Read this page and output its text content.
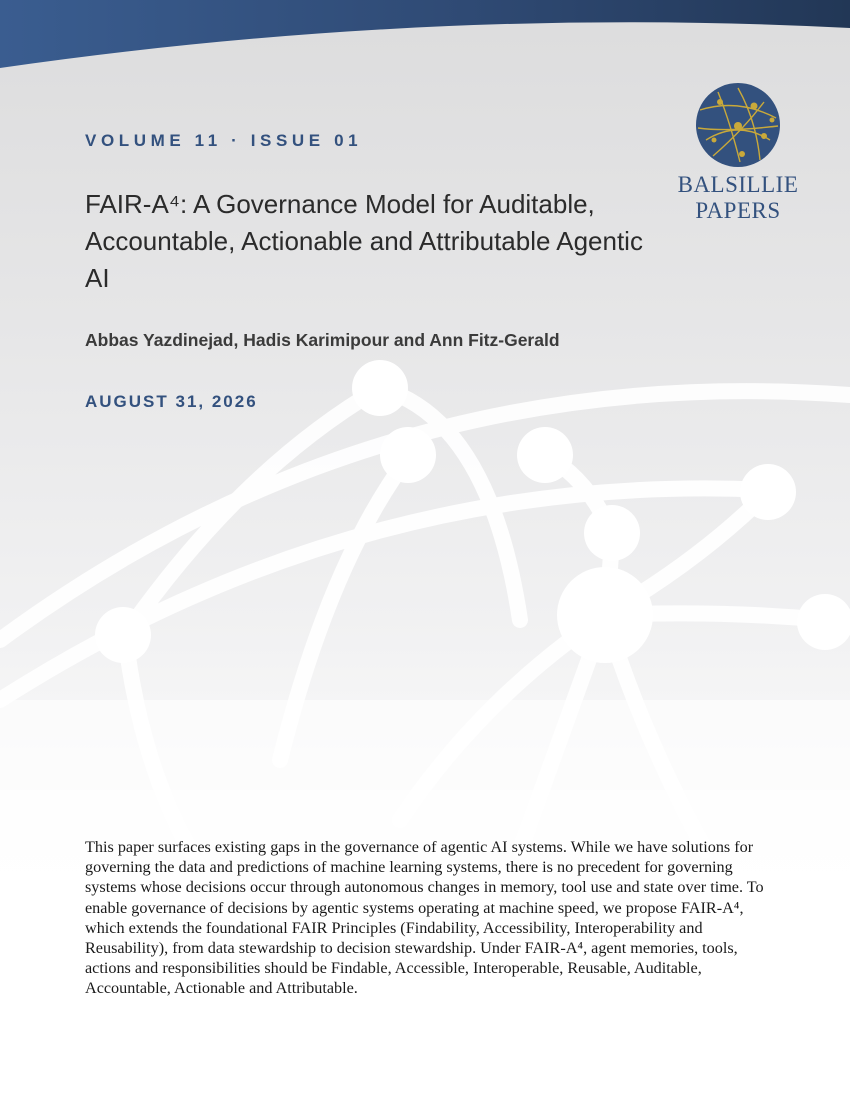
BALSILLIE
PAPERS
VOLUME 11 · ISSUE 01
FAIR-A⁴: A Governance Model for Auditable, Accountable, Actionable and Attributable Agentic AI
Abbas Yazdinejad, Hadis Karimipour and Ann Fitz-Gerald
AUGUST 31, 2026

This paper surfaces existing gaps in the governance of agentic AI systems. While we have solutions for governing the data and predictions of machine learning systems, there is no precedent for governing systems whose decisions occur through autonomous changes in memory, tool use and state over time. To enable governance of decisions by agentic systems operating at machine speed, we propose FAIR-A⁴, which extends the foundational FAIR Principles (Findability, Accessibility, Interoperability and Reusability), from data stewardship to decision stewardship. Under FAIR-A⁴, agent memories, tools, actions and responsibilities should be Findable, Accessible, Interoperable, Reusable, Auditable, Accountable, Actionable and Attributable.
